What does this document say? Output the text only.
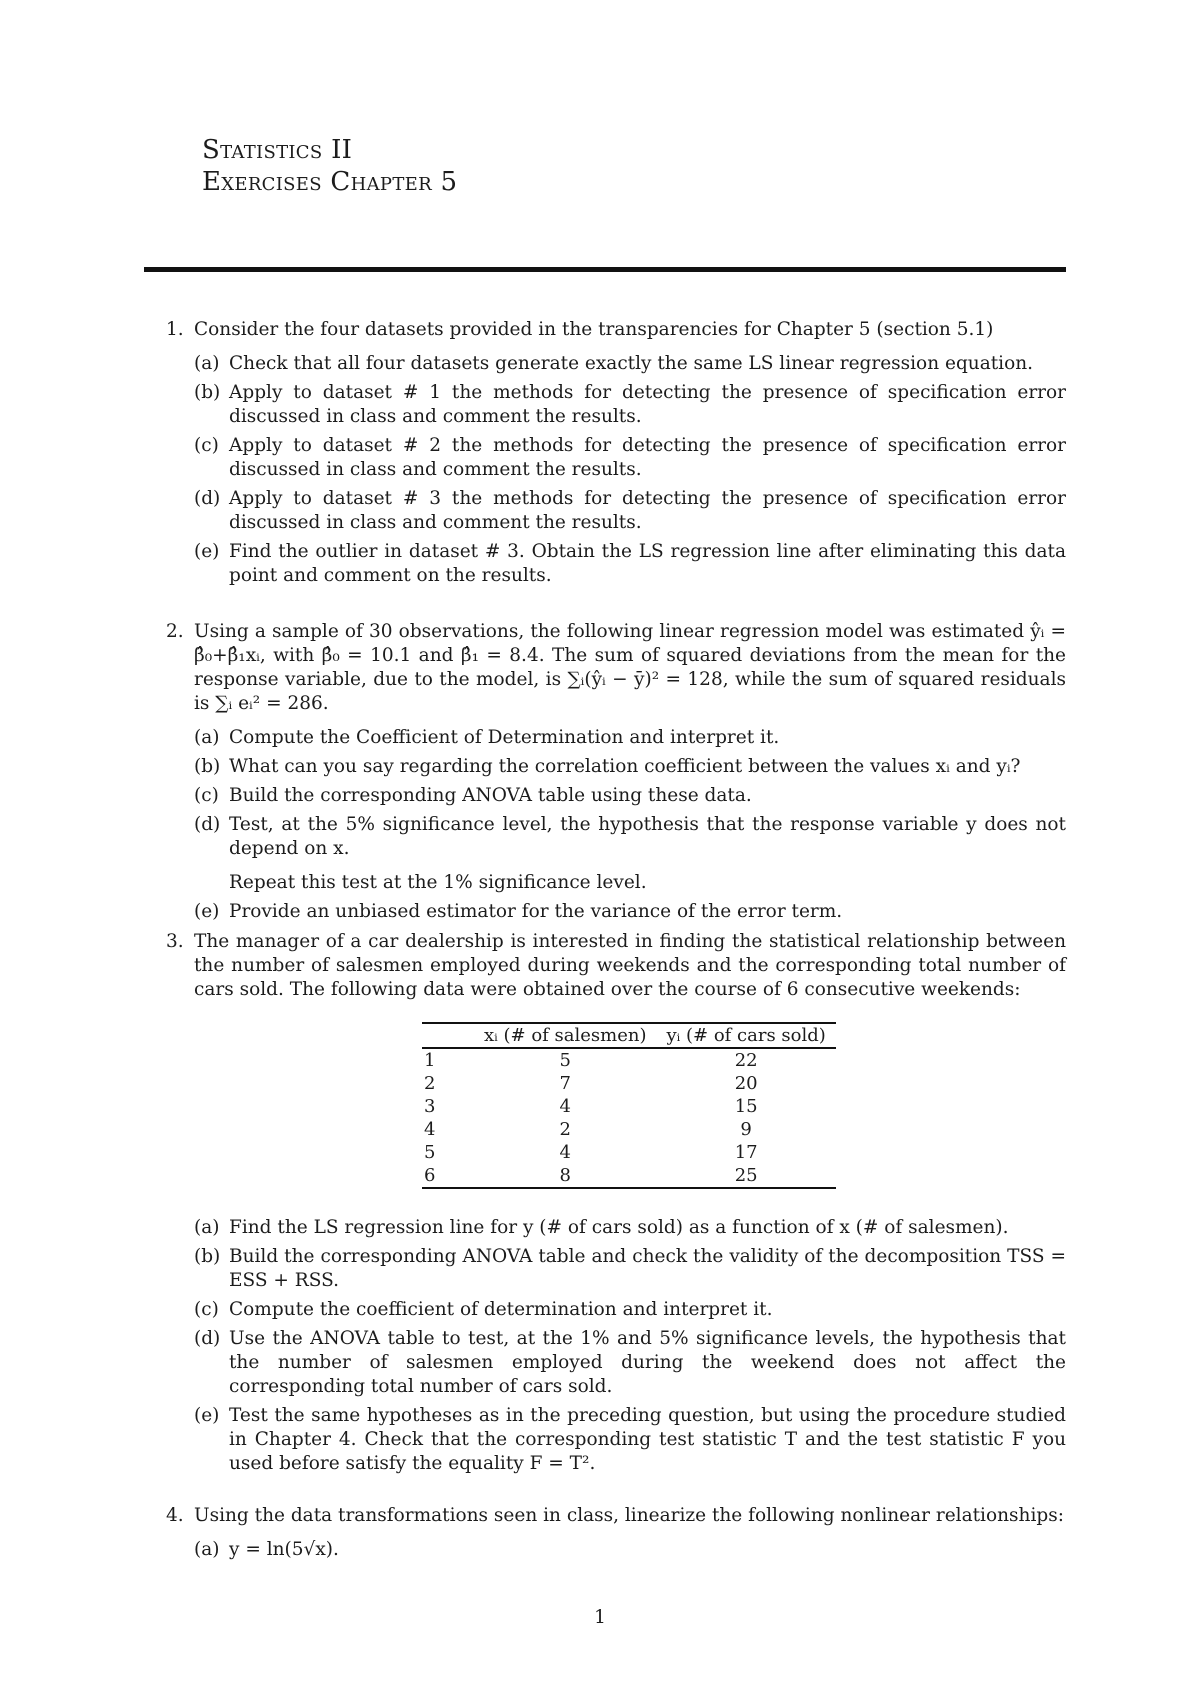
Statistics II
Exercises Chapter 5
1. Consider the four datasets provided in the transparencies for Chapter 5 (section 5.1)
(a) Check that all four datasets generate exactly the same LS linear regression equation.
(b) Apply to dataset # 1 the methods for detecting the presence of specification error discussed in class and comment the results.
(c) Apply to dataset # 2 the methods for detecting the presence of specification error discussed in class and comment the results.
(d) Apply to dataset # 3 the methods for detecting the presence of specification error discussed in class and comment the results.
(e) Find the outlier in dataset # 3. Obtain the LS regression line after eliminating this data point and comment on the results.
2. Using a sample of 30 observations, the following linear regression model was estimated ŷᵢ = β̂₀+β̂₁xᵢ, with β̂₀ = 10.1 and β̂₁ = 8.4. The sum of squared deviations from the mean for the response variable, due to the model, is ∑ᵢ(ŷᵢ − ȳ)² = 128, while the sum of squared residuals is ∑ᵢ eᵢ² = 286.
(a) Compute the Coefficient of Determination and interpret it.
(b) What can you say regarding the correlation coefficient between the values xᵢ and yᵢ?
(c) Build the corresponding ANOVA table using these data.
(d) Test, at the 5% significance level, the hypothesis that the response variable y does not depend on x.
Repeat this test at the 1% significance level.
(e) Provide an unbiased estimator for the variance of the error term.
3. The manager of a car dealership is interested in finding the statistical relationship between the number of salesmen employed during weekends and the corresponding total number of cars sold. The following data were obtained over the course of 6 consecutive weekends:
	xᵢ (# of salesmen)	yᵢ (# of cars sold)
1	5	22
2	7	20
3	4	15
4	2	9
5	4	17
6	8	25
(a) Find the LS regression line for y (# of cars sold) as a function of x (# of salesmen).
(b) Build the corresponding ANOVA table and check the validity of the decomposition TSS = ESS + RSS.
(c) Compute the coefficient of determination and interpret it.
(d) Use the ANOVA table to test, at the 1% and 5% significance levels, the hypothesis that the number of salesmen employed during the weekend does not affect the corresponding total number of cars sold.
(e) Test the same hypotheses as in the preceding question, but using the procedure studied in Chapter 4. Check that the corresponding test statistic T and the test statistic F you used before satisfy the equality F = T².
4. Using the data transformations seen in class, linearize the following nonlinear relationships:
(a) y = ln(5√x).
1
